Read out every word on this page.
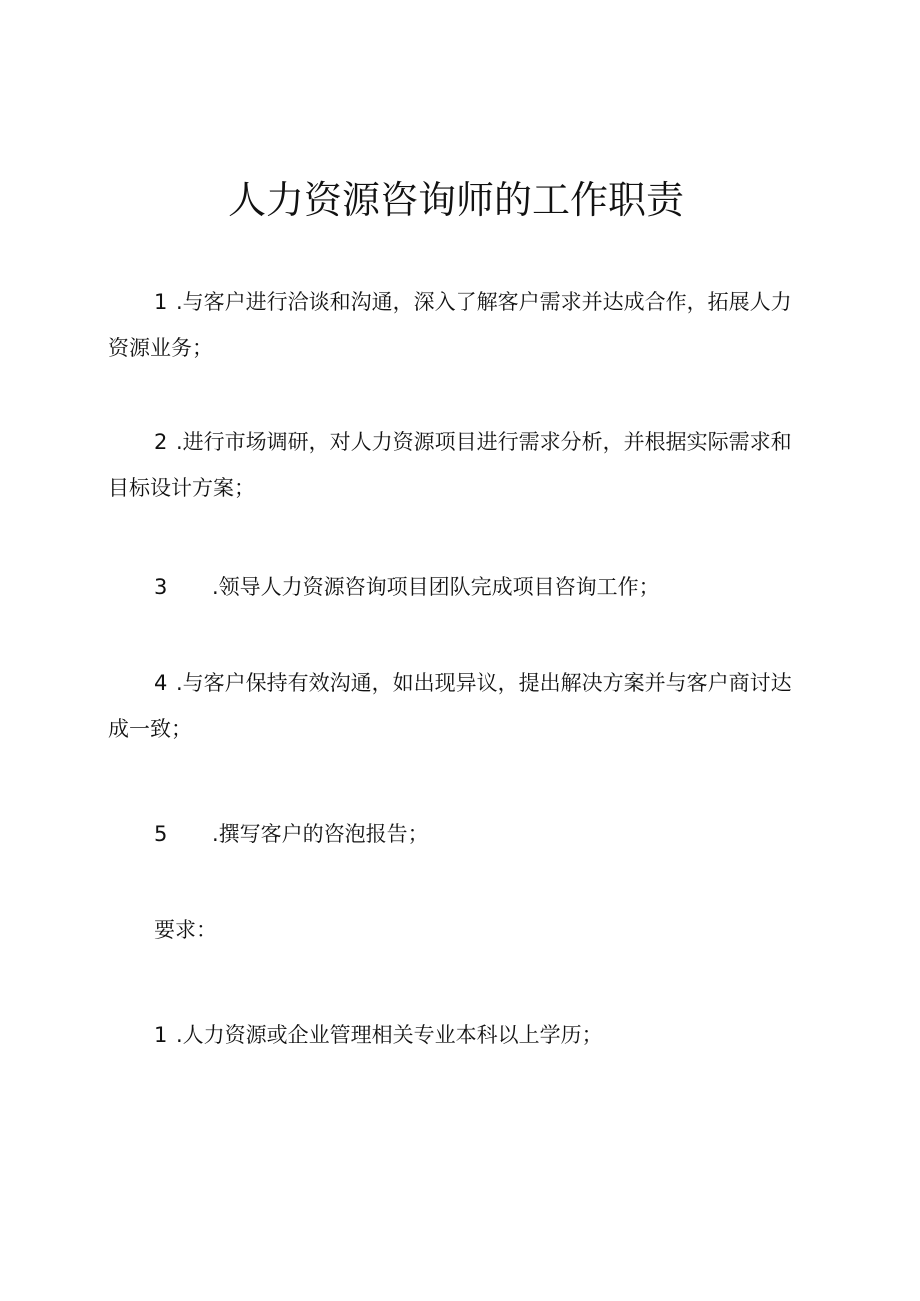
人力资源咨询师的工作职责

1 .与客户进行洽谈和沟通，深入了解客户需求并达成合作，拓展人力资源业务；

2 .进行市场调研，对人力资源项目进行需求分析，并根据实际需求和目标设计方案；

3 .领导人力资源咨询项目团队完成项目咨询工作；

4 .与客户保持有效沟通，如出现异议，提出解决方案并与客户商讨达成一致；

5 .撰写客户的咨泡报告；

要求：

1 .人力资源或企业管理相关专业本科以上学历；
